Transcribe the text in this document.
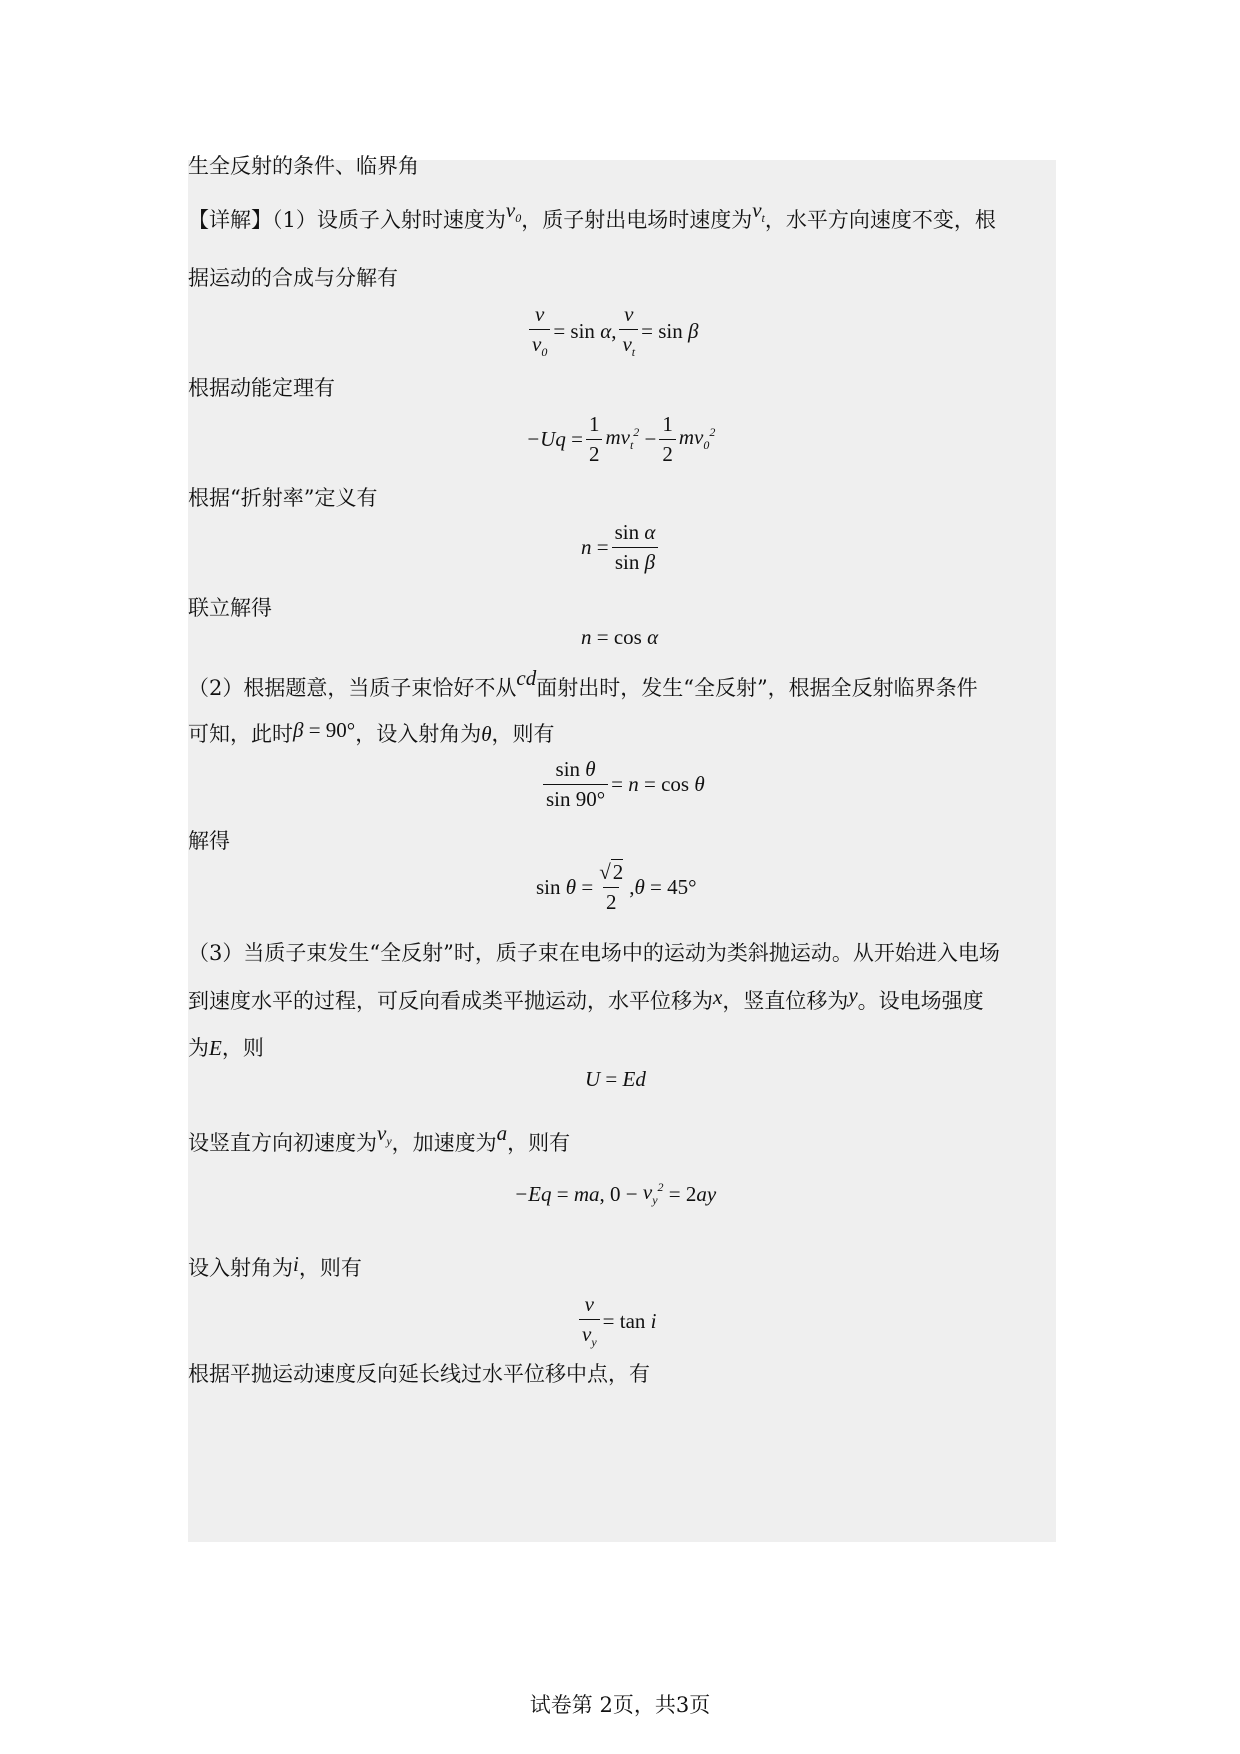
生全反射的条件、临界角
【详解】（1）设质子入射时速度为$v_0$，质子射出电场时速度为$v_t$，水平方向速度不变，根
据运动的合成与分解有
$\frac{v}{v_0} = \sin$
α , $\frac{v}{v_t} = \sin$
β
根据动能定理有
−Uq
= $\frac{1}{2} mv_t^2 - \frac{1}{2} mv_0^2$
根据“折射率”定义有
n
= $\frac{\text{sin α}}{\text{sin β}}$
联立解得
n
= cos
α
（2）根据题意，当质子束恰好不从cd面射出时，发生“全反射”，根据全反射临界条件
可知，此时β = 90°，设入射角为θ，则有
$\frac{\text{sin θ}}{\sin 90^\circ} = n = \cos \theta$
解得
sin
θ
= $\frac{√2}{2}$ , θ
= 45°
（3）当质子束发生“全反射”时，质子束在电场中的运动为类斜抛运动。从开始进入电场
到速度水平的过程，可反向看成类平抛运动，水平位移为x，竖直位移为y。设电场强度
为E，则
U
=
Ed
设竖直方向初速度为$v_y$，加速度为a，则有
−Eq
=
ma , 0 −
$v_y^2$
= 2 ay
设入射角为i，则有
$\frac{v}{v_y} = \tan$
i
根据平抛运动速度反向延长线过水平位移中点，有
试卷第 2页，共3页
